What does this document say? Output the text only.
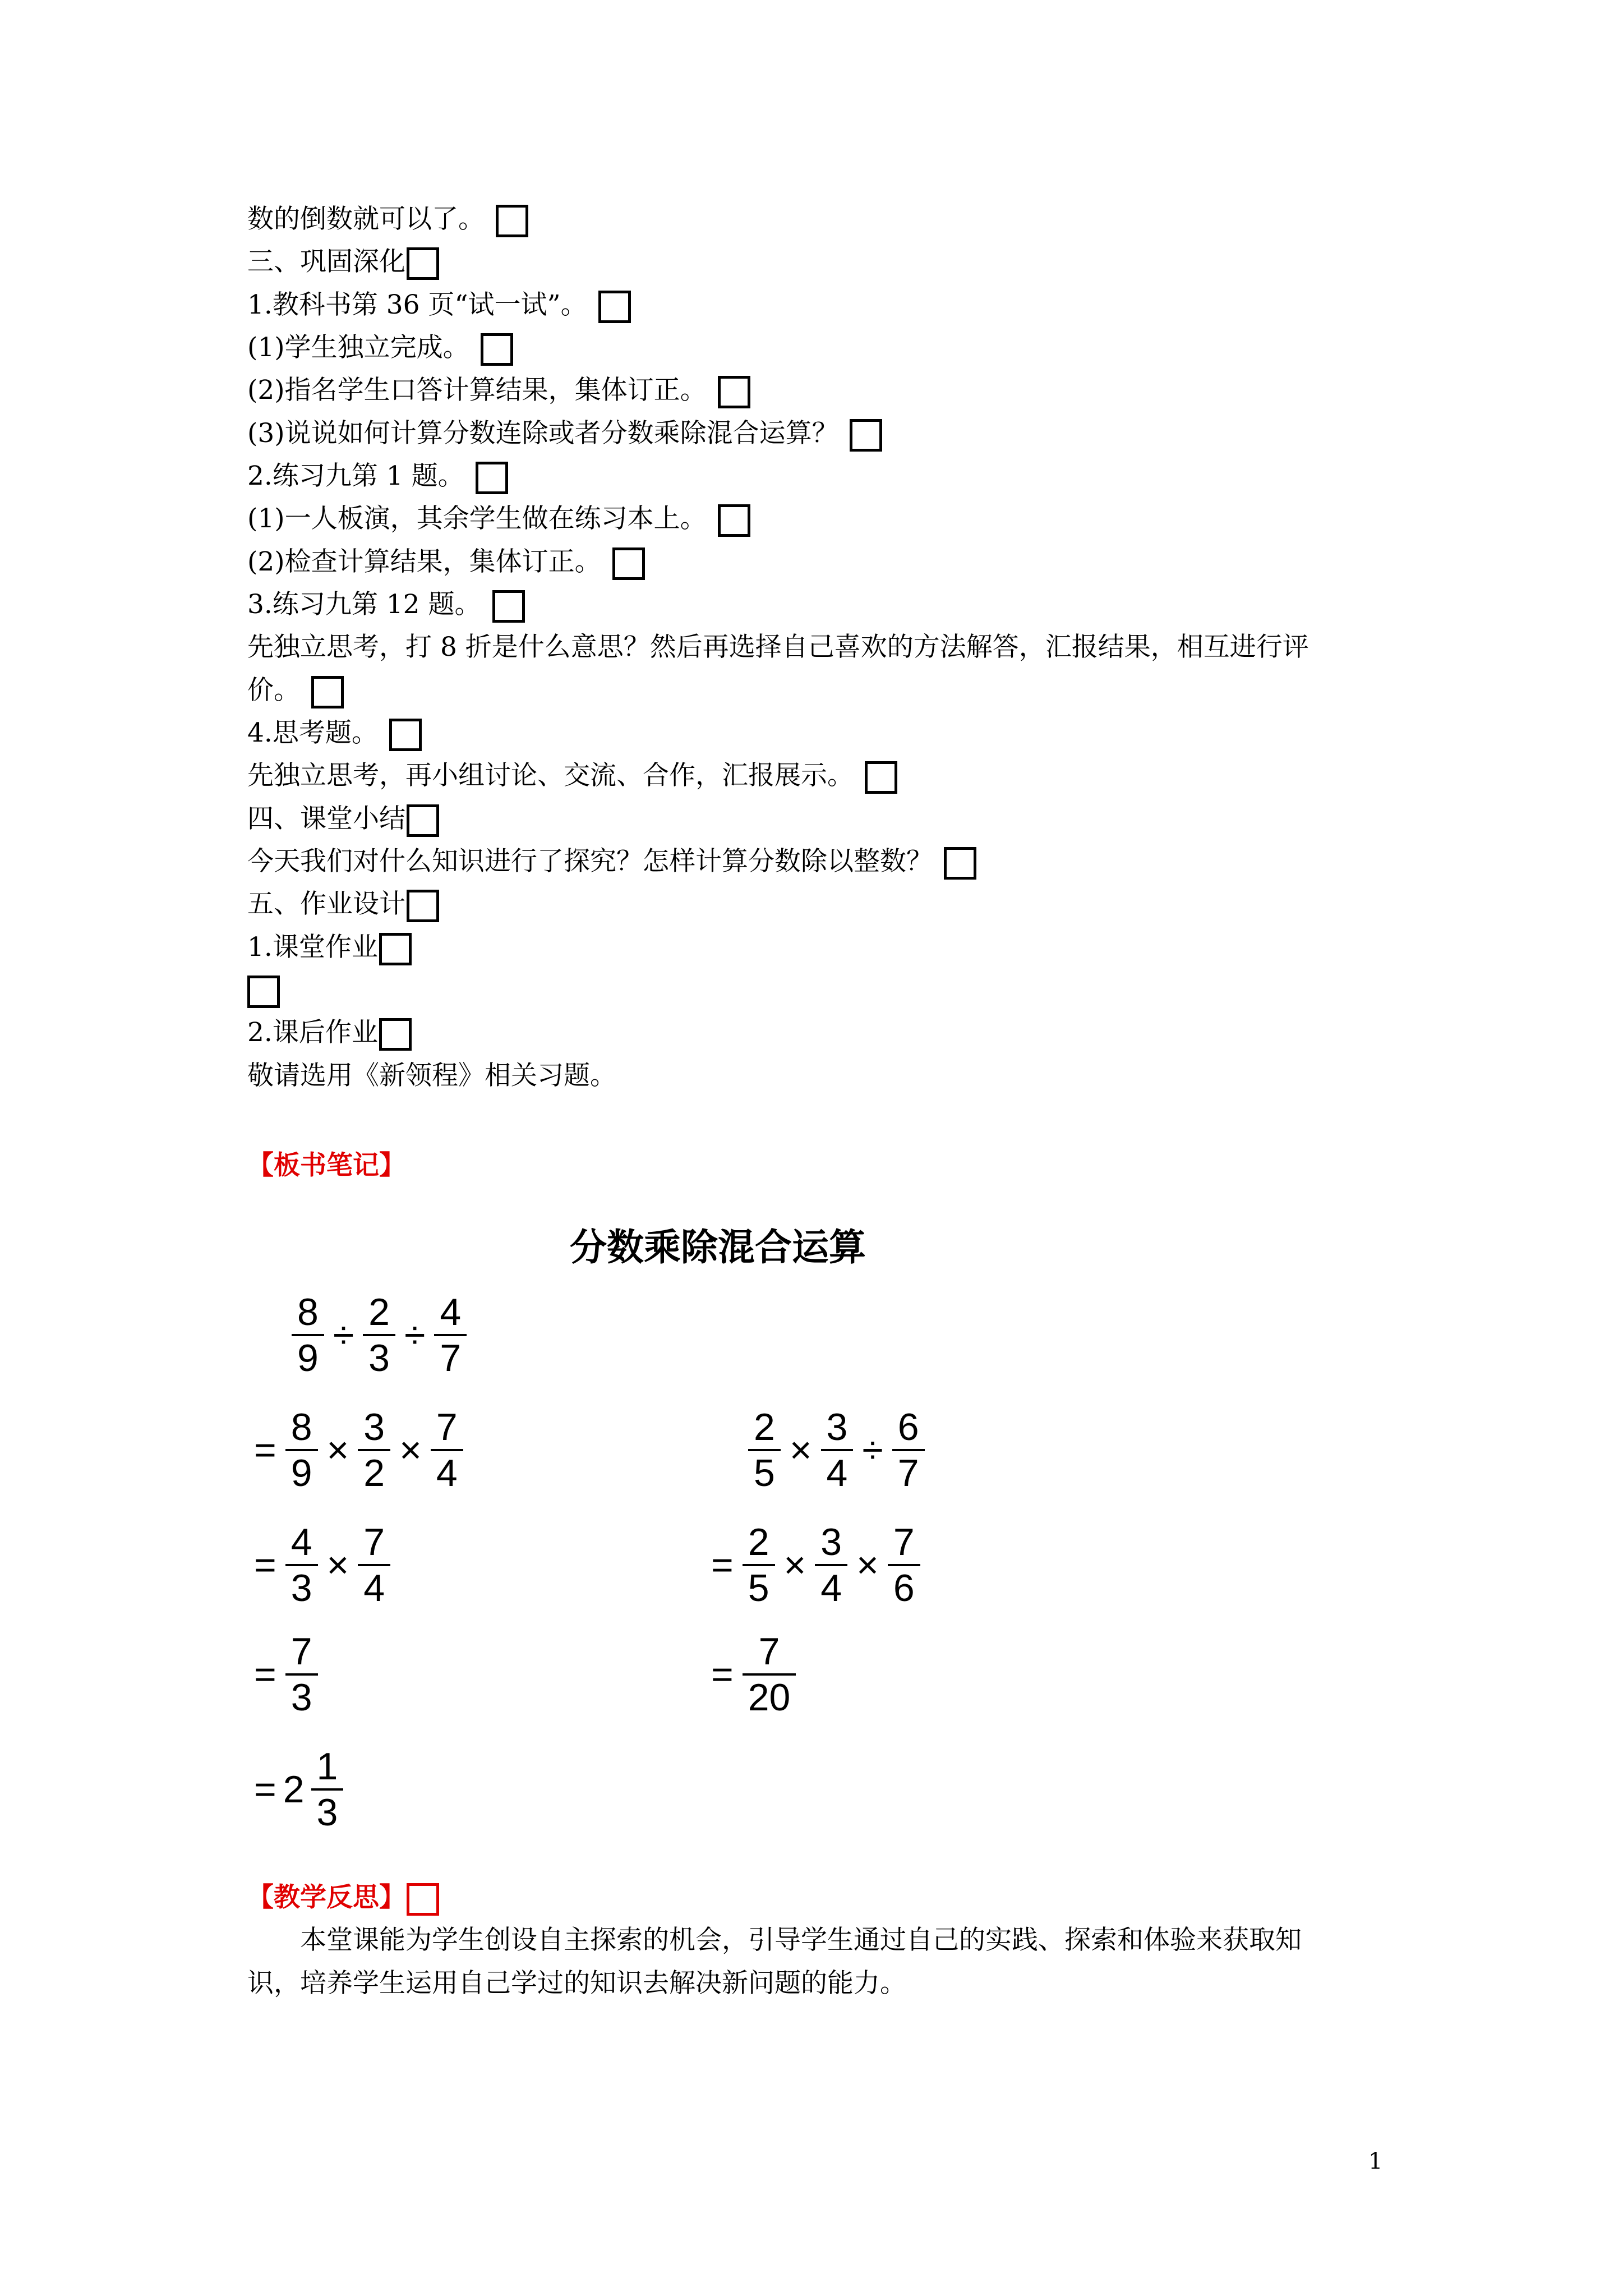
数的倒数就可以了。
三、巩固深化
1.教科书第 36 页“试一试”。
(1)学生独立完成。
(2)指名学生口答计算结果，集体订正。
(3)说说如何计算分数连除或者分数乘除混合运算？
2.练习九第 1 题。
(1)一人板演，其余学生做在练习本上。
(2)检查计算结果，集体订正。
3.练习九第 12 题。
先独立思考，打 8 折是什么意思？然后再选择自己喜欢的方法解答，汇报结果，相互进行评
价。
4.思考题。
先独立思考，再小组讨论、交流、合作，汇报展示。
四、课堂小结
今天我们对什么知识进行了探究？怎样计算分数除以整数？
五、作业设计
1.课堂作业
2.课后作业
敬请选用《新领程》相关习题。
【板书笔记】
分数乘除混合运算
$\frac{8}{9} \div \frac{2}{3} \div \frac{4}{7}$
= $\frac{8}{9} \times \frac{3}{2} \times \frac{7}{4}$
= $\frac{4}{3} \times \frac{7}{4}$
= $\frac{7}{3}$
= $2 \frac{1}{3}$
$\frac{2}{5} \times \frac{3}{4} \div \frac{6}{7}$
= $\frac{2}{5} \times \frac{3}{4} \times \frac{7}{6}$
= $\frac{7}{20}$
【教学反思】
本堂课能为学生创设自主探索的机会，引导学生通过自己的实践、探索和体验来获取知
识，培养学生运用自己学过的知识去解决新问题的能力。
1
